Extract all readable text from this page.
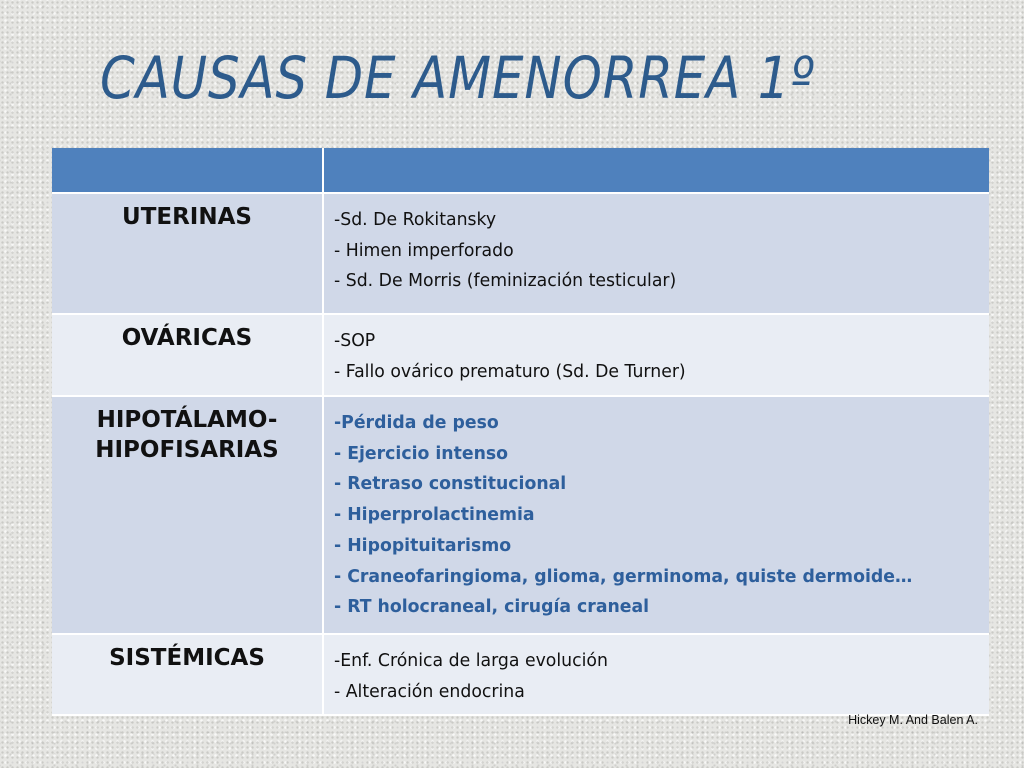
CAUSAS DE AMENORREA 1º
UTERINAS	-Sd. De Rokitansky
- Himen imperforado
- Sd. De Morris (feminización testicular)
OVÁRICAS	-SOP
- Fallo ovárico prematuro (Sd. De Turner)
HIPOTÁLAMO-HIPOFISARIAS
-Pérdida de peso
- Ejercicio intenso
- Retraso constitucional
- Hiperprolactinemia
- Hipopituitarismo
- Craneofaringioma, glioma, germinoma, quiste dermoide…
- RT holocraneal, cirugía craneal
SISTÉMICAS	-Enf. Crónica de larga evolución
- Alteración endocrina
Hickey M. And Balen A.
